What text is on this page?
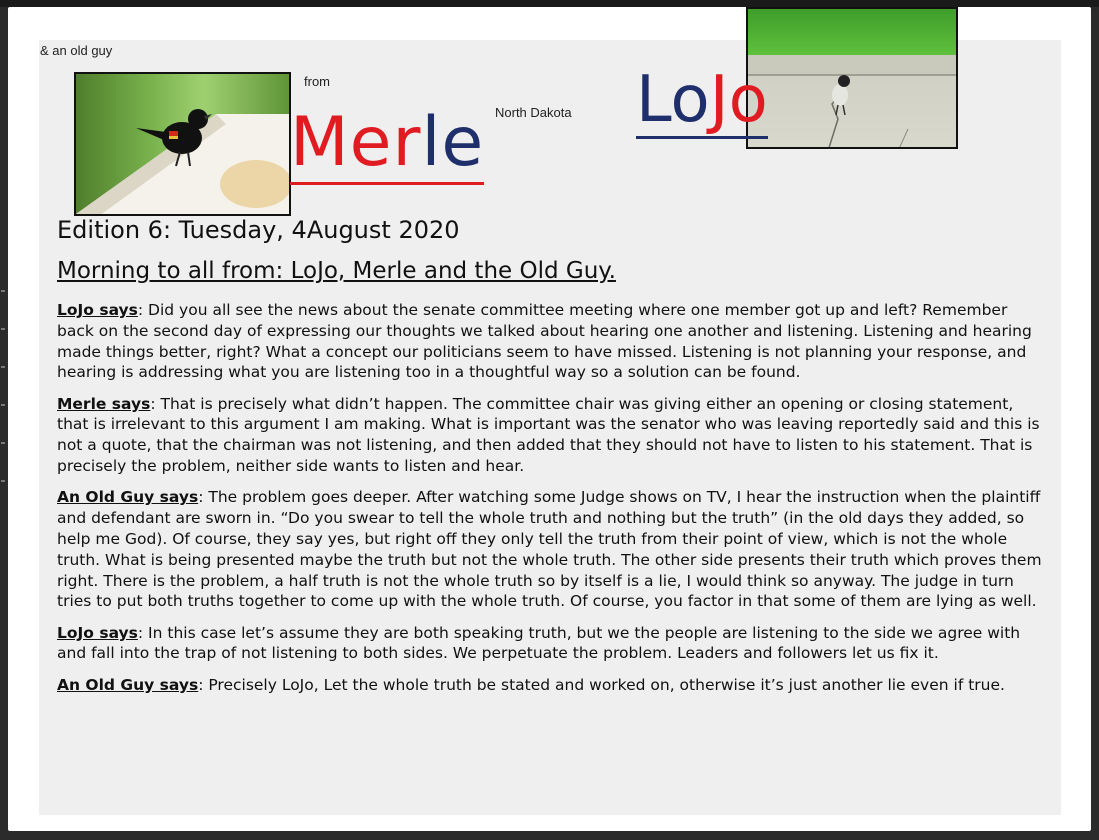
& an old guy
from
North Dakota
Merle
LoJo
Edition 6: Tuesday, 4August 2020
Morning to all from: LoJo, Merle and the Old Guy.

LoJo says: Did you all see the news about the senate committee meeting where one member got up and left? Remember back on the second day of expressing our thoughts we talked about hearing one another and listening. Listening and hearing made things better, right? What a concept our politicians seem to have missed. Listening is not planning your response, and hearing is addressing what you are listening too in a thoughtful way so a solution can be found.

Merle says: That is precisely what didn’t happen. The committee chair was giving either an opening or closing statement, that is irrelevant to this argument I am making. What is important was the senator who was leaving reportedly said and this is not a quote, that the chairman was not listening, and then added that they should not have to listen to his statement. That is precisely the problem, neither side wants to listen and hear.

An Old Guy says: The problem goes deeper. After watching some Judge shows on TV, I hear the instruction when the plaintiff and defendant are sworn in. “Do you swear to tell the whole truth and nothing but the truth” (in the old days they added, so help me God). Of course, they say yes, but right off they only tell the truth from their point of view, which is not the whole truth. What is being presented maybe the truth but not the whole truth. The other side presents their truth which proves them right. There is the problem, a half truth is not the whole truth so by itself is a lie, I would think so anyway. The judge in turn tries to put both truths together to come up with the whole truth. Of course, you factor in that some of them are lying as well.

LoJo says: In this case let’s assume they are both speaking truth, but we the people are listening to the side we agree with and fall into the trap of not listening to both sides. We perpetuate the problem. Leaders and followers let us fix it.

An Old Guy says: Precisely LoJo, Let the whole truth be stated and worked on, otherwise it’s just another lie even if true.
